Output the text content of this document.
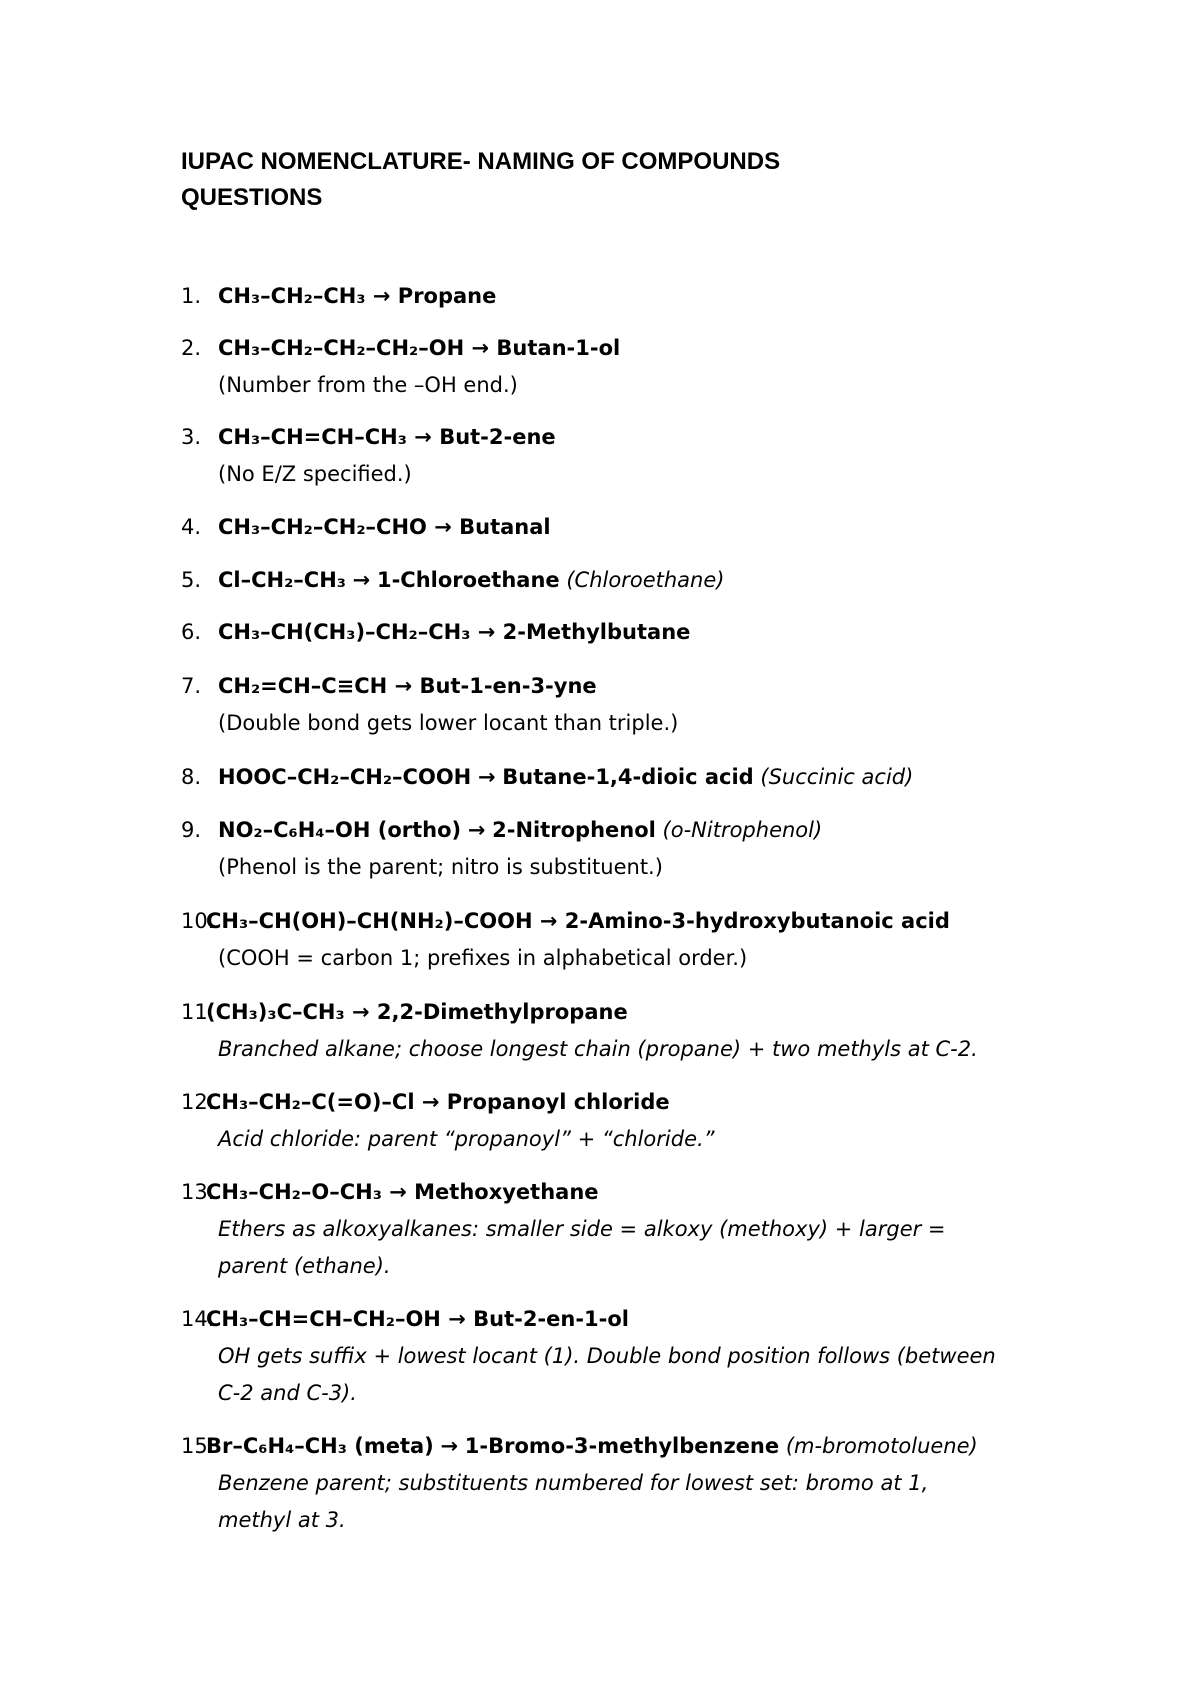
IUPAC NOMENCLATURE- NAMING OF COMPOUNDS
QUESTIONS
1. CH₃–CH₂–CH₃ → Propane
2. CH₃–CH₂–CH₂–CH₂–OH → Butan-1-ol
(Number from the –OH end.)
3. CH₃–CH=CH–CH₃ → But-2-ene
(No E/Z specified.)
4. CH₃–CH₂–CH₂–CHO → Butanal
5. Cl–CH₂–CH₃ → 1-Chloroethane (Chloroethane)
6. CH₃–CH(CH₃)–CH₂–CH₃ → 2-Methylbutane
7. CH₂=CH–C≡CH → But-1-en-3-yne
(Double bond gets lower locant than triple.)
8. HOOC–CH₂–CH₂–COOH → Butane-1,4-dioic acid (Succinic acid)
9. NO₂–C₆H₄–OH (ortho) → 2-Nitrophenol (o-Nitrophenol)
(Phenol is the parent; nitro is substituent.)
10.
CH₃–CH(OH)–CH(NH₂)–COOH → 2-Amino-3-hydroxybutanoic acid
(COOH = carbon 1; prefixes in alphabetical order.)
11.
(CH₃)₃C–CH₃ → 2,2-Dimethylpropane
Branched alkane; choose longest chain (propane) + two methyls at C-2.
12.
CH₃–CH₂–C(=O)–Cl → Propanoyl chloride
Acid chloride: parent “propanoyl” + “chloride.”
13.
CH₃–CH₂–O–CH₃ → Methoxyethane
Ethers as alkoxyalkanes: smaller side = alkoxy (methoxy) + larger =
parent (ethane).
14.
CH₃–CH=CH–CH₂–OH → But-2-en-1-ol
OH gets suffix + lowest locant (1). Double bond position follows (between
C-2 and C-3).
15.
Br–C₆H₄–CH₃ (meta) → 1-Bromo-3-methylbenzene (m-bromotoluene)
Benzene parent; substituents numbered for lowest set: bromo at 1,
methyl at 3.
